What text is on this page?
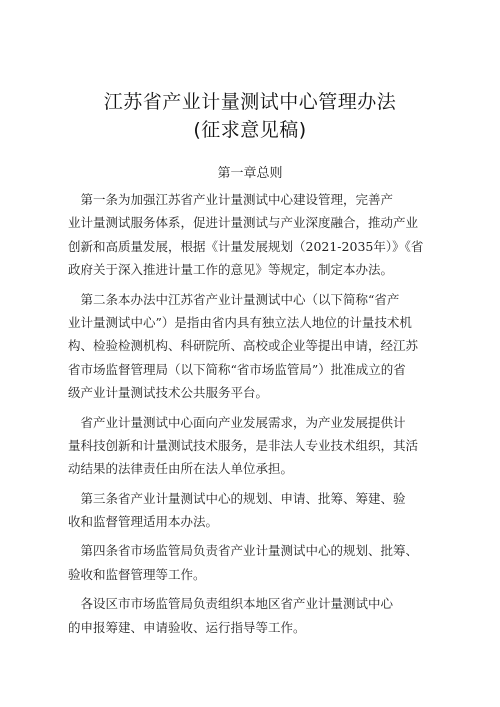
江苏省产业计量测试中心管理办法
(征求意见稿)
第一章总则
　第一条为加强江苏省产业计量测试中心建设管理，完善产
业计量测试服务体系，促进计量测试与产业深度融合，推动产业
创新和高质量发展，根据《计量发展规划（2021-2035年）》《省
政府关于深入推进计量工作的意见》等规定，制定本办法。
　第二条本办法中江苏省产业计量测试中心（以下简称“省产
业计量测试中心”）是指由省内具有独立法人地位的计量技术机
构、检验检测机构、科研院所、高校或企业等提出申请，经江苏
省市场监督管理局（以下简称“省市场监管局”）批准成立的省
级产业计量测试技术公共服务平台。
　省产业计量测试中心面向产业发展需求，为产业发展提供计
量科技创新和计量测试技术服务，是非法人专业技术组织，其活
动结果的法律责任由所在法人单位承担。
　第三条省产业计量测试中心的规划、申请、批筹、筹建、验
收和监督管理适用本办法。
　第四条省市场监管局负责省产业计量测试中心的规划、批筹、
验收和监督管理等工作。
　各设区市市场监管局负责组织本地区省产业计量测试中心
的申报筹建、申请验收、运行指导等工作。
